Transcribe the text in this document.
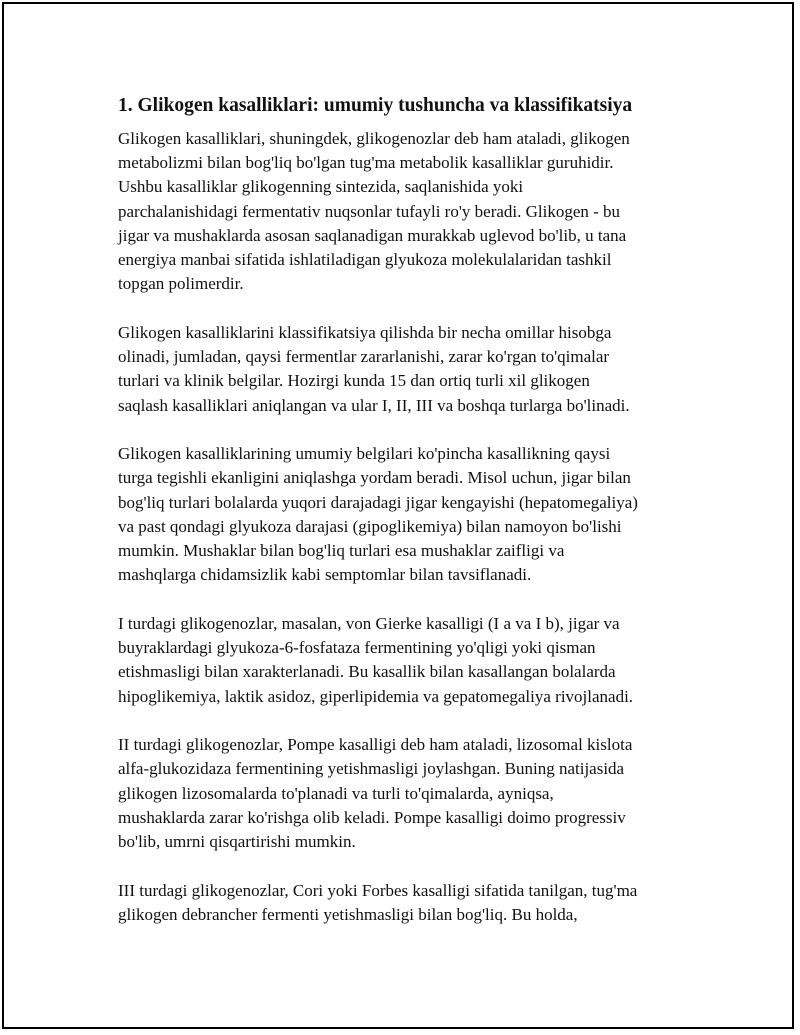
1. Glikogen kasalliklari: umumiy tushuncha va klassifikatsiya

Glikogen kasalliklari, shuningdek, glikogenozlar deb ham ataladi, glikogen
metabolizmi bilan bog'liq bo'lgan tug'ma metabolik kasalliklar guruhidir.
Ushbu kasalliklar glikogenning sintezida, saqlanishida yoki
parchalanishidagi fermentativ nuqsonlar tufayli ro'y beradi. Glikogen - bu
jigar va mushaklarda asosan saqlanadigan murakkab uglevod bo'lib, u tana
energiya manbai sifatida ishlatiladigan glyukoza molekulalaridan tashkil
topgan polimerdir.

Glikogen kasalliklarini klassifikatsiya qilishda bir necha omillar hisobga
olinadi, jumladan, qaysi fermentlar zararlanishi, zarar ko'rgan to'qimalar
turlari va klinik belgilar. Hozirgi kunda 15 dan ortiq turli xil glikogen
saqlash kasalliklari aniqlangan va ular I, II, III va boshqa turlarga bo'linadi.

Glikogen kasalliklarining umumiy belgilari ko'pincha kasallikning qaysi
turga tegishli ekanligini aniqlashga yordam beradi. Misol uchun, jigar bilan
bog'liq turlari bolalarda yuqori darajadagi jigar kengayishi (hepatomegaliya)
va past qondagi glyukoza darajasi (gipoglikemiya) bilan namoyon bo'lishi
mumkin. Mushaklar bilan bog'liq turlari esa mushaklar zaifligi va
mashqlarga chidamsizlik kabi semptomlar bilan tavsiflanadi.

I turdagi glikogenozlar, masalan, von Gierke kasalligi (I a va I b), jigar va
buyraklardagi glyukoza-6-fosfataza fermentining yo'qligi yoki qisman
etishmasligi bilan xarakterlanadi. Bu kasallik bilan kasallangan bolalarda
hipoglikemiya, laktik asidoz, giperlipidemia va gepatomegaliya rivojlanadi.

II turdagi glikogenozlar, Pompe kasalligi deb ham ataladi, lizosomal kislota
alfa-glukozidaza fermentining yetishmasligi joylashgan. Buning natijasida
glikogen lizosomalarda to'planadi va turli to'qimalarda, ayniqsa,
mushaklarda zarar ko'rishga olib keladi. Pompe kasalligi doimo progressiv
bo'lib, umrni qisqartirishi mumkin.

III turdagi glikogenozlar, Cori yoki Forbes kasalligi sifatida tanilgan, tug'ma
glikogen debrancher fermenti yetishmasligi bilan bog'liq. Bu holda,
